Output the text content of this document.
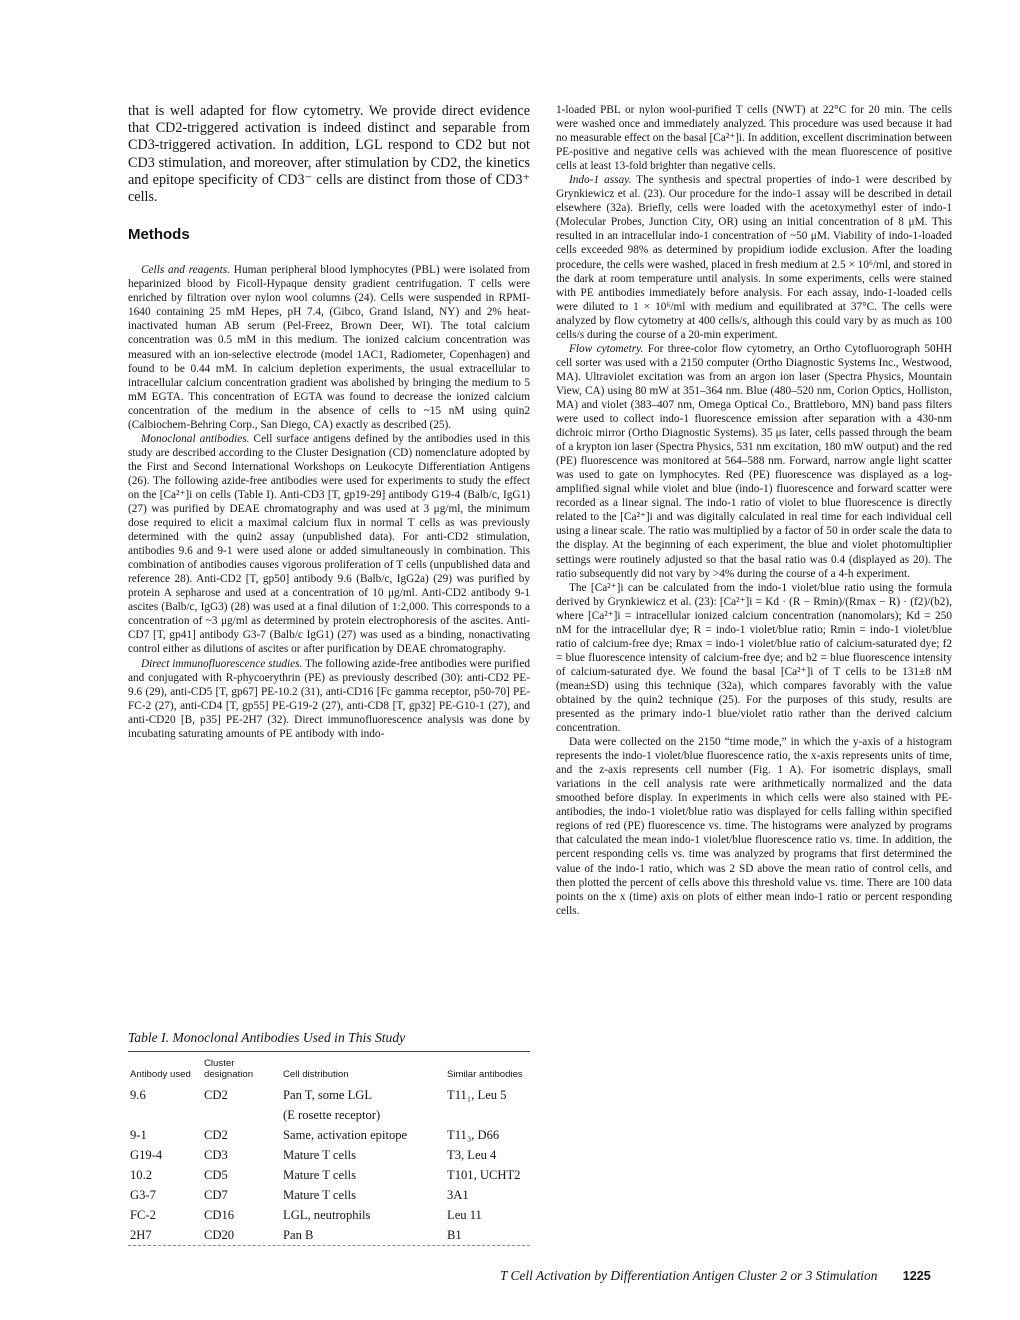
that is well adapted for flow cytometry. We provide direct evidence that CD2-triggered activation is indeed distinct and separable from CD3-triggered activation. In addition, LGL respond to CD2 but not CD3 stimulation, and moreover, after stimulation by CD2, the kinetics and epitope specificity of CD3⁻ cells are distinct from those of CD3⁺ cells.

Methods

Cells and reagents. Human peripheral blood lymphocytes (PBL) were isolated from heparinized blood by Ficoll-Hypaque density gradient centrifugation. T cells were enriched by filtration over nylon wool columns (24). Cells were suspended in RPMI-1640 containing 25 mM Hepes, pH 7.4, (Gibco, Grand Island, NY) and 2% heat-inactivated human AB serum (Pel-Freez, Brown Deer, WI). The total calcium concentration was 0.5 mM in this medium. The ionized calcium concentration was measured with an ion-selective electrode (model 1AC1, Radiometer, Copenhagen) and found to be 0.44 mM. In calcium depletion experiments, the usual extracellular to intracellular calcium concentration gradient was abolished by bringing the medium to 5 mM EGTA. This concentration of EGTA was found to decrease the ionized calcium concentration of the medium in the absence of cells to ~15 nM using quin2 (Calbiochem-Behring Corp., San Diego, CA) exactly as described (25).

Monoclonal antibodies. Cell surface antigens defined by the antibodies used in this study are described according to the Cluster Designation (CD) nomenclature adopted by the First and Second International Workshops on Leukocyte Differentiation Antigens (26). The following azide-free antibodies were used for experiments to study the effect on the [Ca²⁺]i on cells (Table I). Anti-CD3 [T, gp19-29] antibody G19-4 (Balb/c, IgG1) (27) was purified by DEAE chromatography and was used at 3 μg/ml, the minimum dose required to elicit a maximal calcium flux in normal T cells as was previously determined with the quin2 assay (unpublished data). For anti-CD2 stimulation, antibodies 9.6 and 9-1 were used alone or added simultaneously in combination. This combination of antibodies causes vigorous proliferation of T cells (unpublished data and reference 28). Anti-CD2 [T, gp50] antibody 9.6 (Balb/c, IgG2a) (29) was purified by protein A sepharose and used at a concentration of 10 μg/ml. Anti-CD2 antibody 9-1 ascites (Balb/c, IgG3) (28) was used at a final dilution of 1:2,000. This corresponds to a concentration of ~3 μg/ml as determined by protein electrophoresis of the ascites. Anti-CD7 [T, gp41] antibody G3-7 (Balb/c IgG1) (27) was used as a binding, nonactivating control either as dilutions of ascites or after purification by DEAE chromatography.

Direct immunofluorescence studies. The following azide-free antibodies were purified and conjugated with R-phycoerythrin (PE) as previously described (30): anti-CD2 PE-9.6 (29), anti-CD5 [T, gp67] PE-10.2 (31), anti-CD16 [Fc gamma receptor, p50-70] PE-FC-2 (27), anti-CD4 [T, gp55] PE-G19-2 (27), anti-CD8 [T, gp32] PE-G10-1 (27), and anti-CD20 [B, p35] PE-2H7 (32). Direct immunofluorescence analysis was done by incubating saturating amounts of PE antibody with indo-

Table I. Monoclonal Antibodies Used in This Study
Antibody used	Cluster designation	Cell distribution	Similar antibodies
9.6	CD2	Pan T, some LGL	T11₁, Leu 5
		(E rosette receptor)	
9-1	CD2	Same, activation epitope	T11₃, D66
G19-4	CD3	Mature T cells	T3, Leu 4
10.2	CD5	Mature T cells	T101, UCHT2
G3-7	CD7	Mature T cells	3A1
FC-2	CD16	LGL, neutrophils	Leu 11
2H7	CD20	Pan B	B1

1-loaded PBL or nylon wool-purified T cells (NWT) at 22°C for 20 min. The cells were washed once and immediately analyzed. This procedure was used because it had no measurable effect on the basal [Ca²⁺]i. In addition, excellent discrimination between PE-positive and negative cells was achieved with the mean fluorescence of positive cells at least 13-fold brighter than negative cells.

Indo-1 assay. The synthesis and spectral properties of indo-1 were described by Grynkiewicz et al. (23). Our procedure for the indo-1 assay will be described in detail elsewhere (32a). Briefly, cells were loaded with the acetoxymethyl ester of indo-1 (Molecular Probes, Junction City, OR) using an initial concentration of 8 μM. This resulted in an intracellular indo-1 concentration of ~50 μM. Viability of indo-1-loaded cells exceeded 98% as determined by propidium iodide exclusion. After the loading procedure, the cells were washed, placed in fresh medium at 2.5 × 10⁶/ml, and stored in the dark at room temperature until analysis. In some experiments, cells were stained with PE antibodies immediately before analysis. For each assay, indo-1-loaded cells were diluted to 1 × 10⁶/ml with medium and equilibrated at 37°C. The cells were analyzed by flow cytometry at 400 cells/s, although this could vary by as much as 100 cells/s during the course of a 20-min experiment.

Flow cytometry. For three-color flow cytometry, an Ortho Cytofluorograph 50HH cell sorter was used with a 2150 computer (Ortho Diagnostic Systems Inc., Westwood, MA). Ultraviolet excitation was from an argon ion laser (Spectra Physics, Mountain View, CA) using 80 mW at 351–364 nm. Blue (480–520 nm, Corion Optics, Holliston, MA) and violet (383–407 nm, Omega Optical Co., Brattleboro, MN) band pass filters were used to collect indo-1 fluorescence emission after separation with a 430-nm dichroic mirror (Ortho Diagnostic Systems). 35 μs later, cells passed through the beam of a krypton ion laser (Spectra Physics, 531 nm excitation, 180 mW output) and the red (PE) fluorescence was monitored at 564–588 nm. Forward, narrow angle light scatter was used to gate on lymphocytes. Red (PE) fluorescence was displayed as a log-amplified signal while violet and blue (indo-1) fluorescence and forward scatter were recorded as a linear signal. The indo-1 ratio of violet to blue fluorescence is directly related to the [Ca²⁺]i and was digitally calculated in real time for each individual cell using a linear scale. The ratio was multiplied by a factor of 50 in order scale the data to the display. At the beginning of each experiment, the blue and violet photomultiplier settings were routinely adjusted so that the basal ratio was 0.4 (displayed as 20). The ratio subsequently did not vary by >4% during the course of a 4-h experiment.

The [Ca²⁺]i can be calculated from the indo-1 violet/blue ratio using the formula derived by Grynkiewicz et al. (23): [Ca²⁺]i = Kd · (R − Rmin)/(Rmax − R) · (f2)/(b2), where [Ca²⁺]i = intracellular ionized calcium concentration (nanomolars); Kd = 250 nM for the intracellular dye; R = indo-1 violet/blue ratio; Rmin = indo-1 violet/blue ratio of calcium-free dye; Rmax = indo-1 violet/blue ratio of calcium-saturated dye; f2 = blue fluorescence intensity of calcium-free dye; and b2 = blue fluorescence intensity of calcium-saturated dye. We found the basal [Ca²⁺]i of T cells to be 131±8 nM (mean±SD) using this technique (32a), which compares favorably with the value obtained by the quin2 technique (25). For the purposes of this study, results are presented as the primary indo-1 blue/violet ratio rather than the derived calcium concentration.

Data were collected on the 2150 “time mode,” in which the y-axis of a histogram represents the indo-1 violet/blue fluorescence ratio, the x-axis represents units of time, and the z-axis represents cell number (Fig. 1 A). For isometric displays, small variations in the cell analysis rate were arithmetically normalized and the data smoothed before display. In experiments in which cells were also stained with PE-antibodies, the indo-1 violet/blue ratio was displayed for cells falling within specified regions of red (PE) fluorescence vs. time. The histograms were analyzed by programs that calculated the mean indo-1 violet/blue fluorescence ratio vs. time. In addition, the percent responding cells vs. time was analyzed by programs that first determined the value of the indo-1 ratio, which was 2 SD above the mean ratio of control cells, and then plotted the percent of cells above this threshold value vs. time. There are 100 data points on the x (time) axis on plots of either mean indo-1 ratio or percent responding cells.

T Cell Activation by Differentiation Antigen Cluster 2 or 3 Stimulation 1225
